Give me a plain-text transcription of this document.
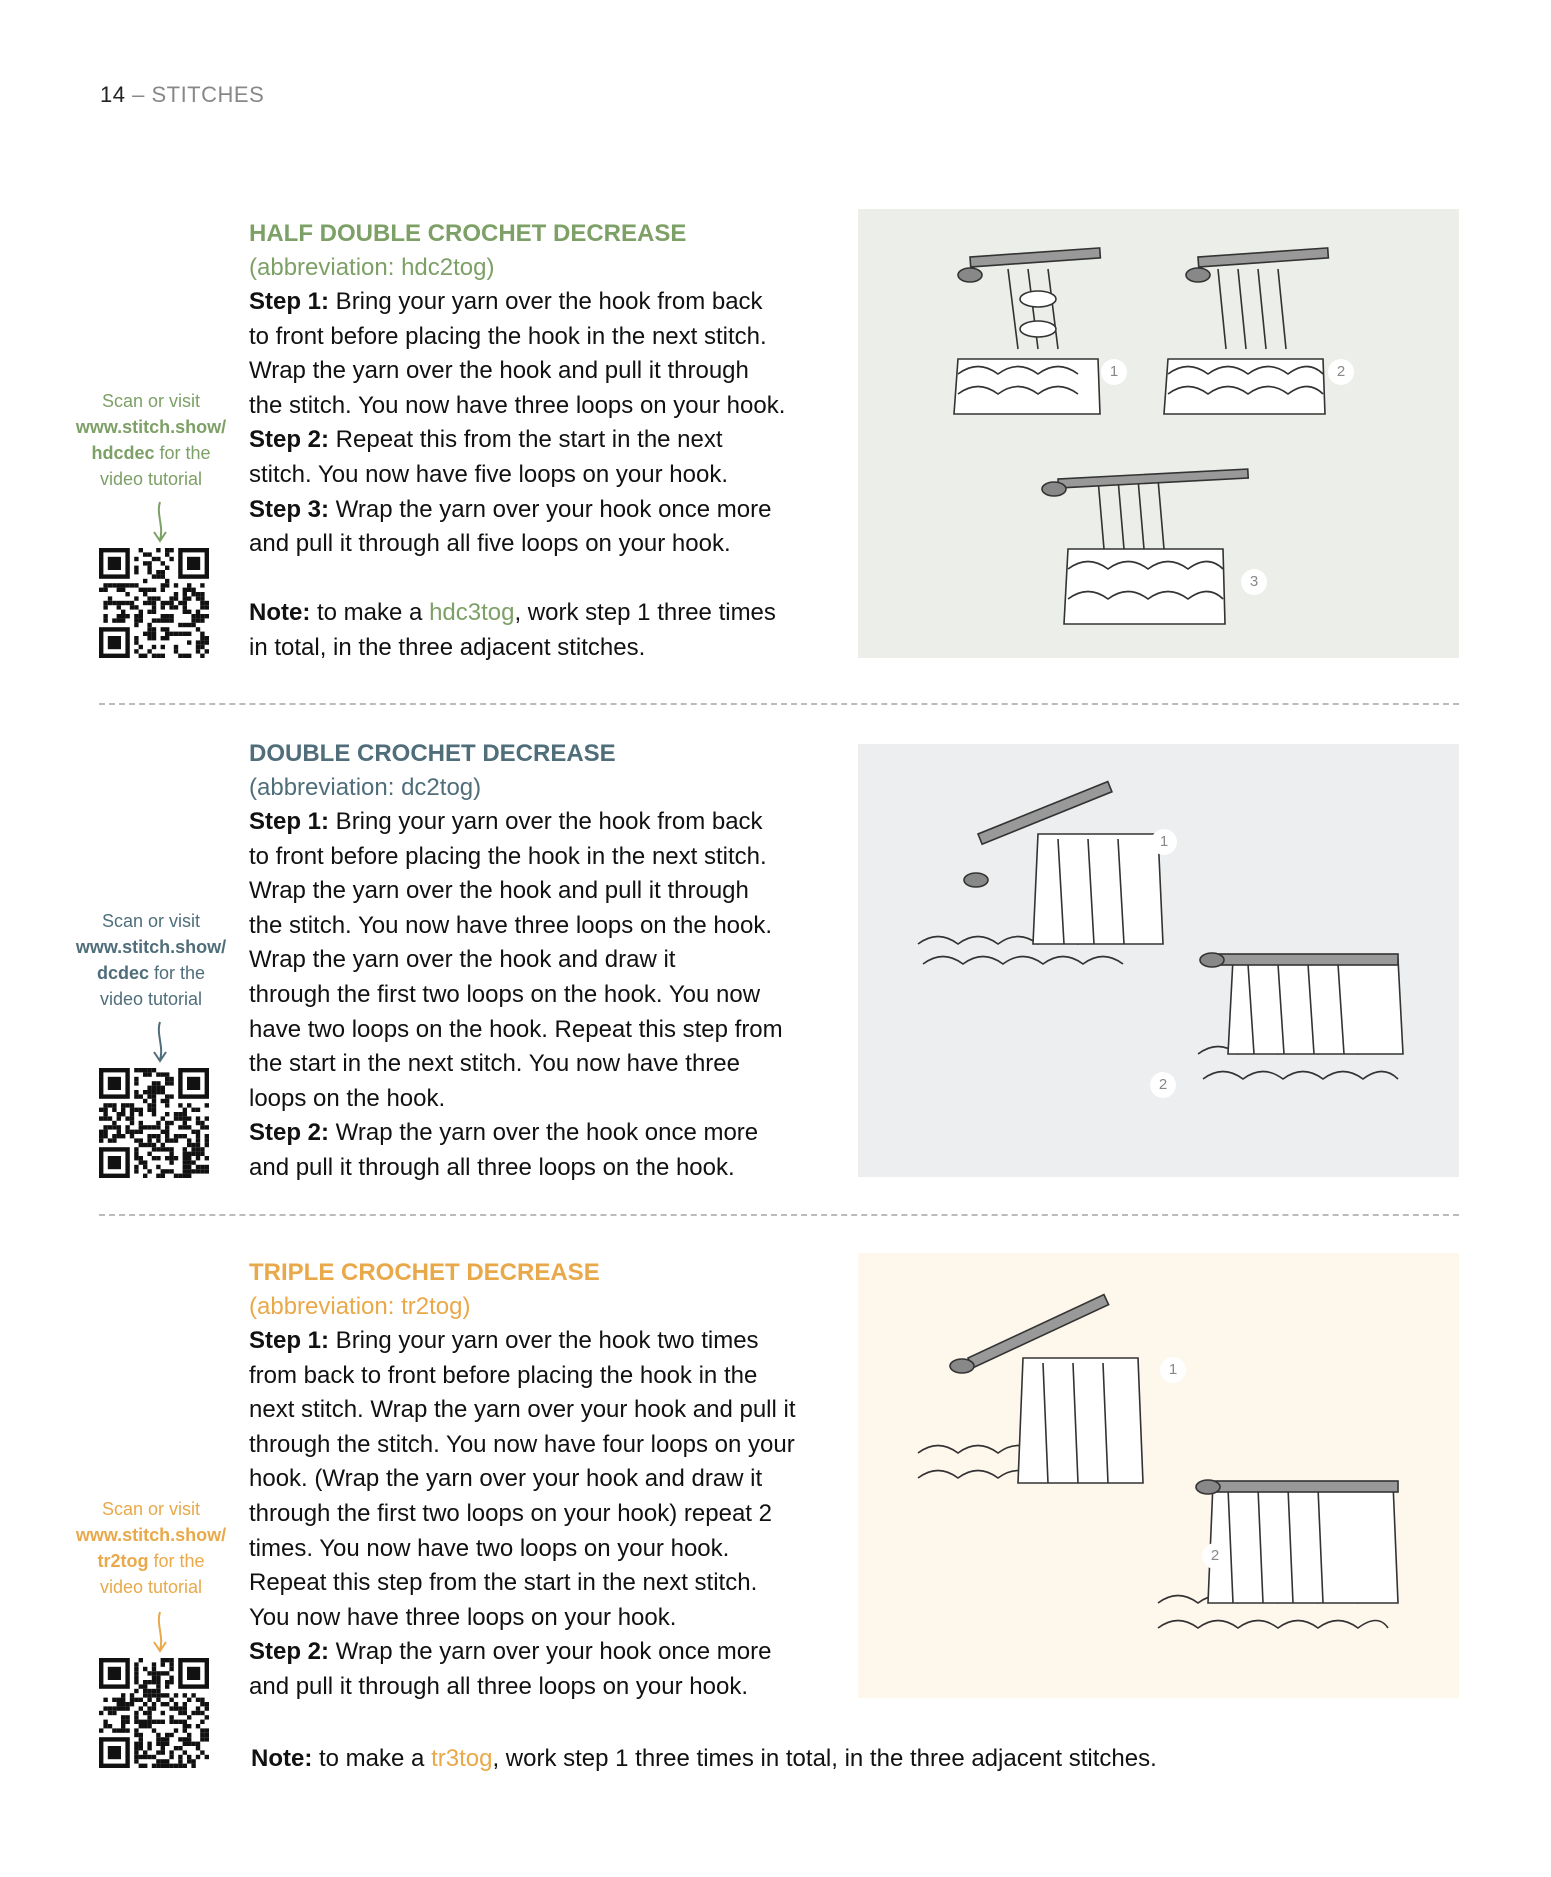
14 – STITCHES
HALF DOUBLE CROCHET DECREASE
(abbreviation: hdc2tog)

Step 1: Bring your yarn over the hook from back

to front before placing the hook in the next stitch.

Wrap the yarn over the hook and pull it through

the stitch. You now have three loops on your hook.

Step 2: Repeat this from the start in the next

stitch. You now have five loops on your hook.

Step 3: Wrap the yarn over your hook once more

and pull it through all five loops on your hook.

Note: to make a hdc3tog, work step 1 three times

in total, in the three adjacent stitches.

Scan or visit
www.stitch.show/
hdcdec for the
video tutorial
1	2
3
DOUBLE CROCHET DECREASE
(abbreviation: dc2tog)

Step 1: Bring your yarn over the hook from back

to front before placing the hook in the next stitch.

Wrap the yarn over the hook and pull it through

the stitch. You now have three loops on the hook.

Wrap the yarn over the hook and draw it

through the first two loops on the hook. You now

have two loops on the hook. Repeat this step from

the start in the next stitch. You now have three

loops on the hook.

Step 2: Wrap the yarn over the hook once more

and pull it through all three loops on the hook.

Scan or visit
www.stitch.show/
dcdec for the
video tutorial
1
2
TRIPLE CROCHET DECREASE
(abbreviation: tr2tog)

Step 1: Bring your yarn over the hook two times

from back to front before placing the hook in the

next stitch. Wrap the yarn over your hook and pull it

through the stitch. You now have four loops on your

hook. (Wrap the yarn over your hook and draw it

through the first two loops on your hook) repeat 2

times. You now have two loops on your hook.

Repeat this step from the start in the next stitch.

You now have three loops on your hook.

Step 2: Wrap the yarn over your hook once more

and pull it through all three loops on your hook.

Scan or visit
www.stitch.show/
tr2tog for the
video tutorial
1
2
Note: to make a tr3tog, work step 1 three times in total, in the three adjacent stitches.
